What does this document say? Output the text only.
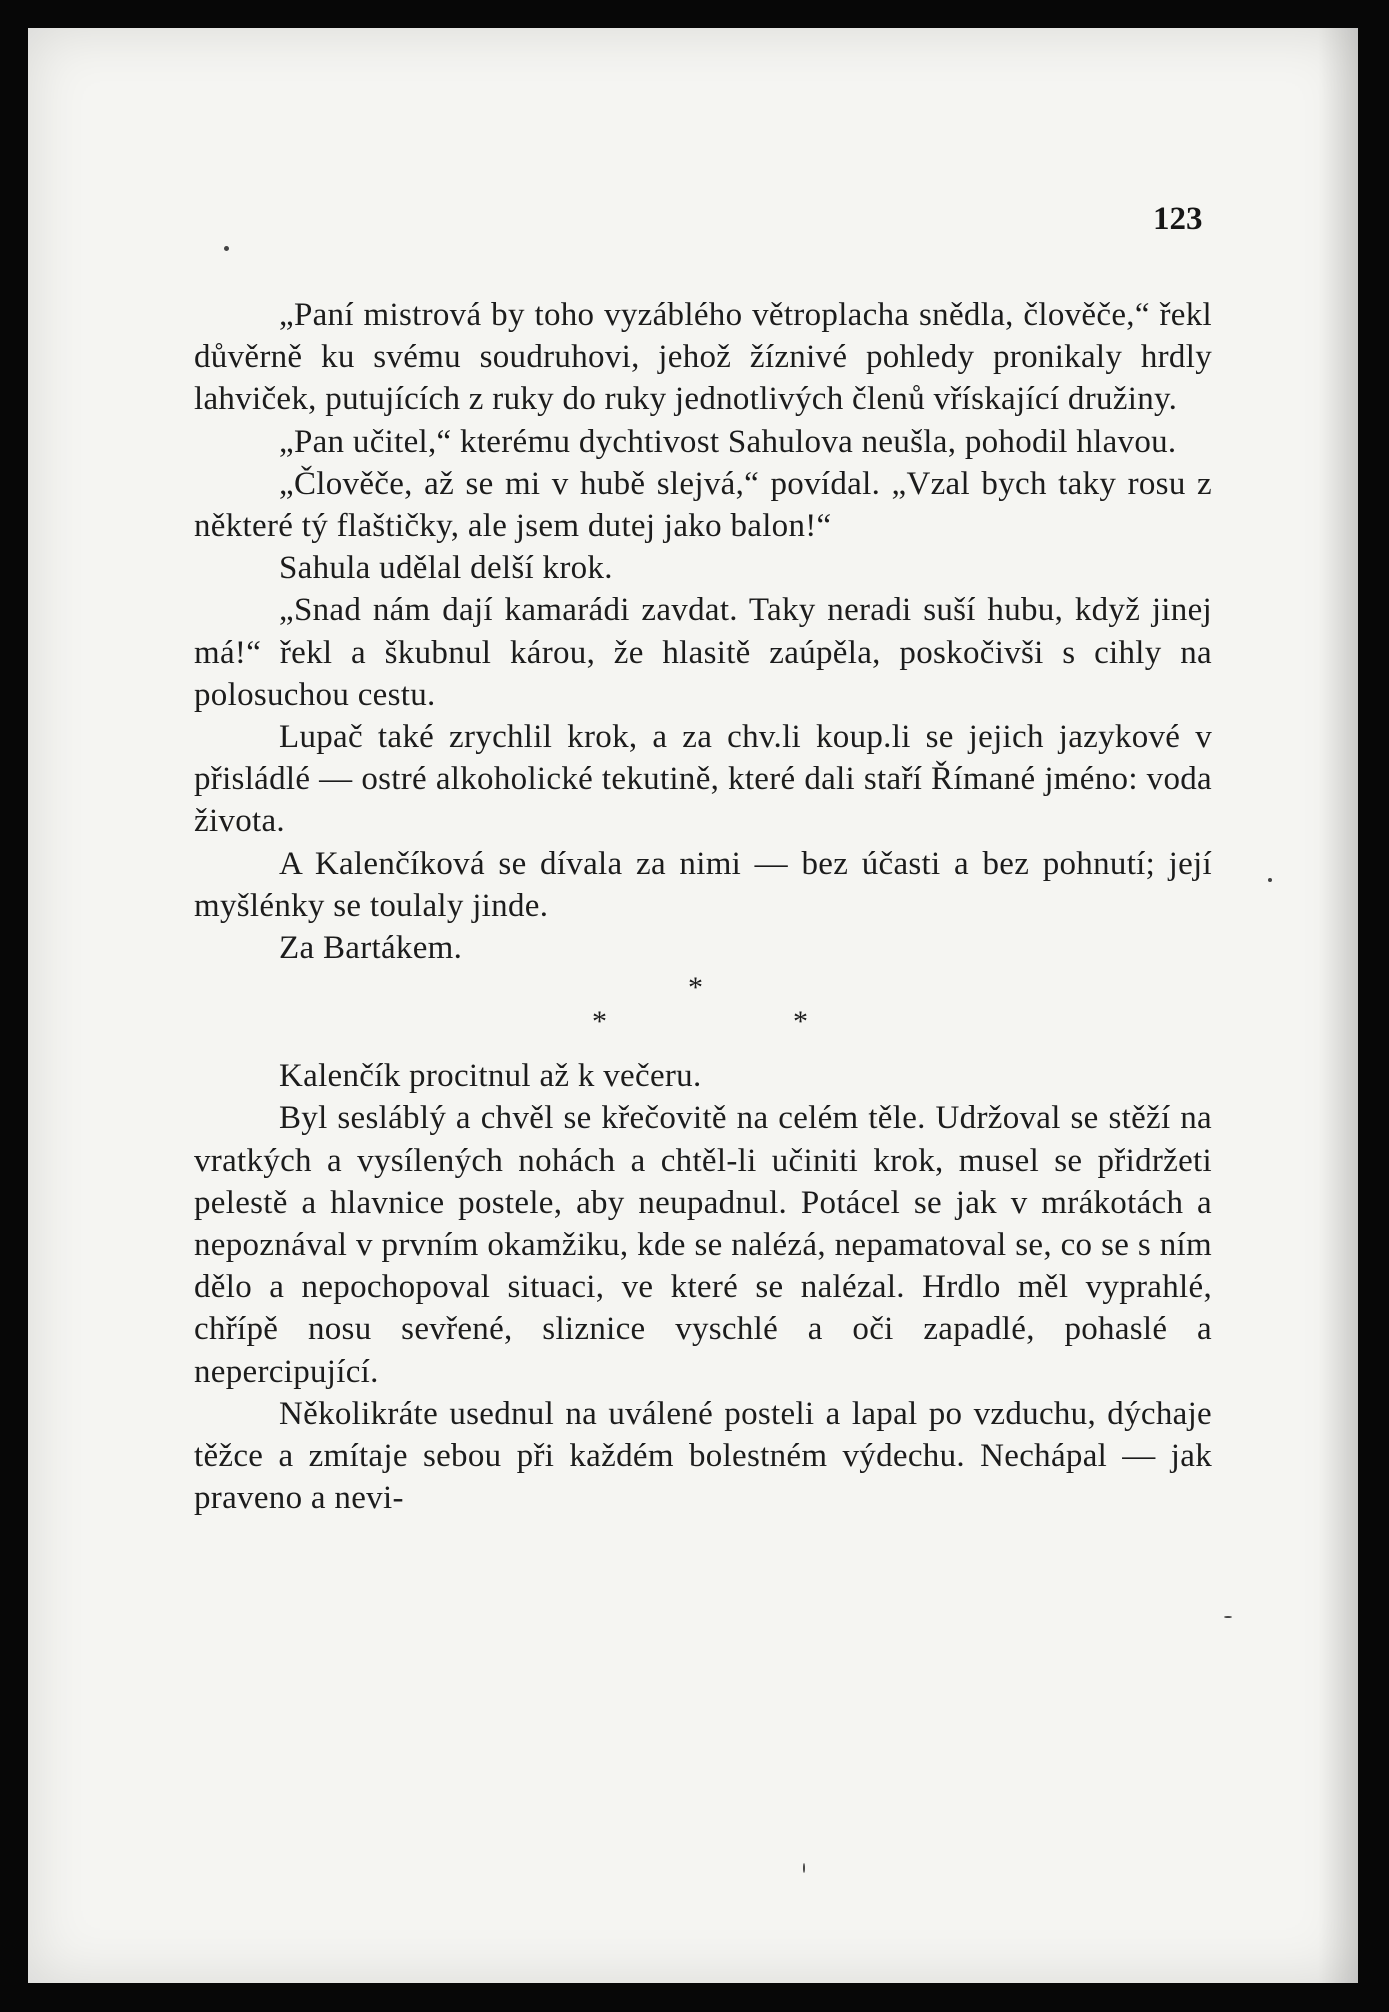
123

„Paní mistrová by toho vyzáblého větroplacha snědla, člověče,“ řekl důvěrně ku svému soudruhovi, jehož žíznivé pohledy pronikaly hrdly lahviček, putujících z ruky do ruky jednotlivých členů vřískající družiny.

„Pan učitel,“ kterému dychtivost Sahulova neušla, pohodil hlavou.

„Člověče, až se mi v hubě slejvá,“ povídal. „Vzal bych taky rosu z některé tý flaštičky, ale jsem dutej jako balon!“

Sahula udělal delší krok.

„Snad nám dají kamarádi zavdat. Taky neradi suší hubu, když jinej má!“ řekl a škubnul károu, že hlasitě zaúpěla, poskočivši s cihly na polosuchou cestu.

Lupač také zrychlil krok, a za chv.li koup.li se jejich jazykové v přisládlé — ostré alkoholické tekutině, které dali staří Římané jméno: voda života.

A Kalenčíková se dívala za nimi — bez účasti a bez pohnutí; její myšlénky se toulaly jinde.

Za Bartákem.

*
*	*

Kalenčík procitnul až k večeru.

Byl sesláblý a chvěl se křečovitě na celém těle. Udržoval se stěží na vratkých a vysílených nohách a chtěl-li učiniti krok, musel se přidržeti pelestě a hlavnice postele, aby neupadnul. Potácel se jak v mrákotách a nepoznával v prvním okamžiku, kde se nalézá, nepamatoval se, co se s ním dělo a nepochopoval situaci, ve které se nalézal. Hrdlo měl vyprahlé, chřípě nosu sevřené, sliznice vyschlé a oči zapadlé, pohaslé a nepercipující.

Několikráte usednul na uválené posteli a lapal po vzduchu, dýchaje těžce a zmítaje sebou při každém bolestném výdechu. Nechápal — jak praveno a nevi-
